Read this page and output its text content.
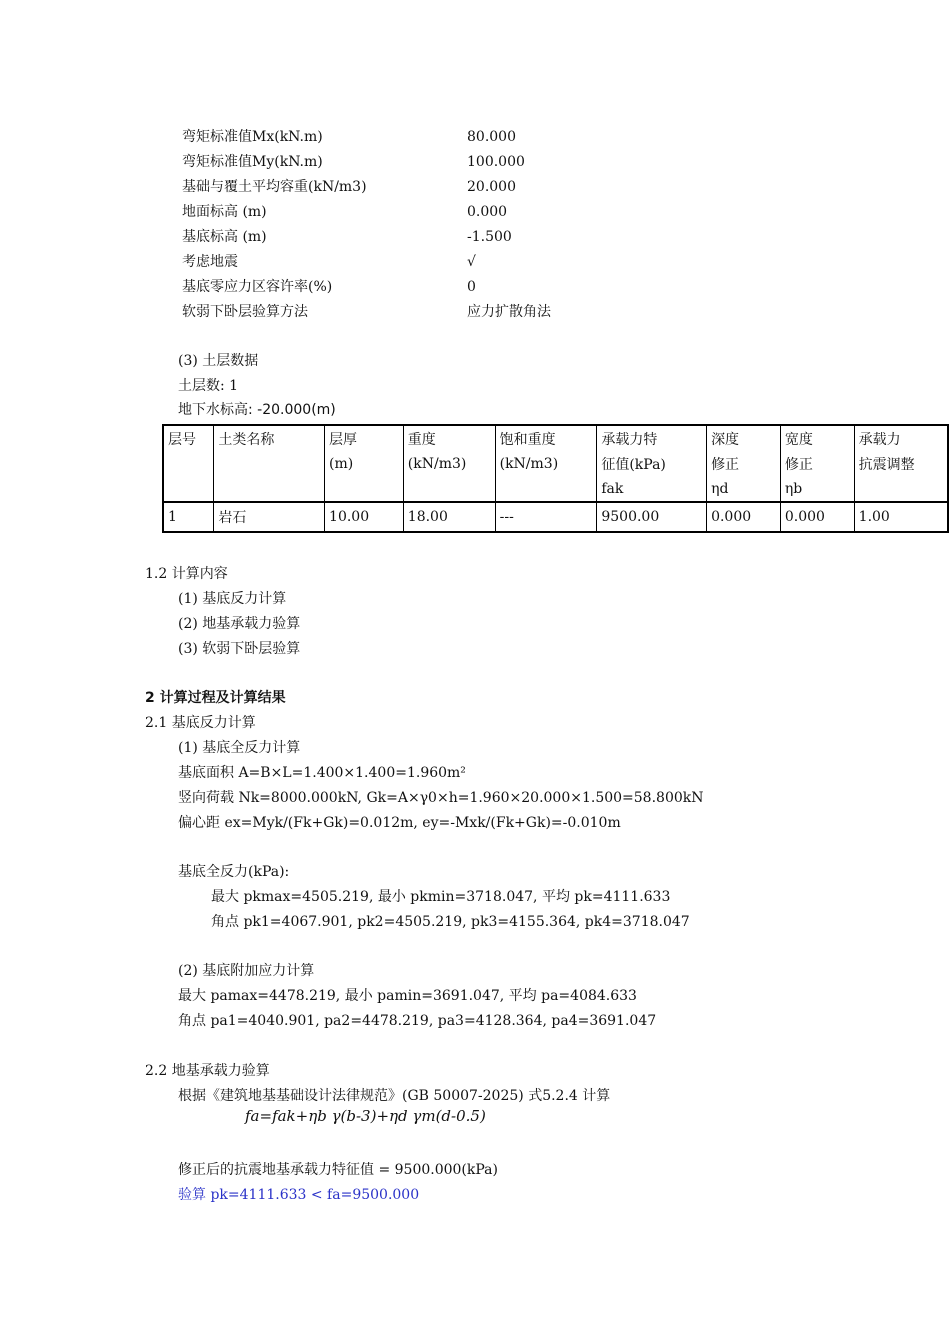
弯矩标准值Mx(kN.m)	80.000
弯矩标准值My(kN.m)	100.000
基础与覆土平均容重(kN/m3)	20.000
地面标高 (m)	0.000
基底标高 (m)	-1.500
考虑地震	√
基底零应力区容许率(%)	0
软弱下卧层验算方法	应力扩散角法
(3) 土层数据
土层数: 1
地下水标高: -20.000(m)
层号	土类名称	层厚	重度	饱和重度	承载力特	深度	宽度	承载力
		(m)	(kN/m3)	(kN/m3)	征值(kPa)	修正	修正	抗震调整
					fak	ηd	ηb	
1	岩石	10.00	18.00	---	9500.00	0.000	0.000	1.00
1.2 计算内容
(1) 基底反力计算
(2) 地基承载力验算
(3) 软弱下卧层验算
2 计算过程及计算结果
2.1 基底反力计算
(1) 基底全反力计算
基底面积 A=B×L=1.400×1.400=1.960m²
竖向荷载 Nk=8000.000kN, Gk=A×γ0×h=1.960×20.000×1.500=58.800kN
偏心距 ex=Myk/(Fk+Gk)=0.012m, ey=-Mxk/(Fk+Gk)=-0.010m
基底全反力(kPa):
最大 pkmax=4505.219, 最小 pkmin=3718.047, 平均 pk=4111.633
角点 pk1=4067.901, pk2=4505.219, pk3=4155.364, pk4=3718.047
(2) 基底附加应力计算
最大 pamax=4478.219, 最小 pamin=3691.047, 平均 pa=4084.633
角点 pa1=4040.901, pa2=4478.219, pa3=4128.364, pa4=3691.047
2.2 地基承载力验算
根据《建筑地基基础设计法律规范》(GB 50007-2025) 式5.2.4 计算
fa=fak+ηb γ(b-3)+ηd γm(d-0.5)
修正后的抗震地基承载力特征值 = 9500.000(kPa)
验算 pk=4111.633 < fa=9500.000
